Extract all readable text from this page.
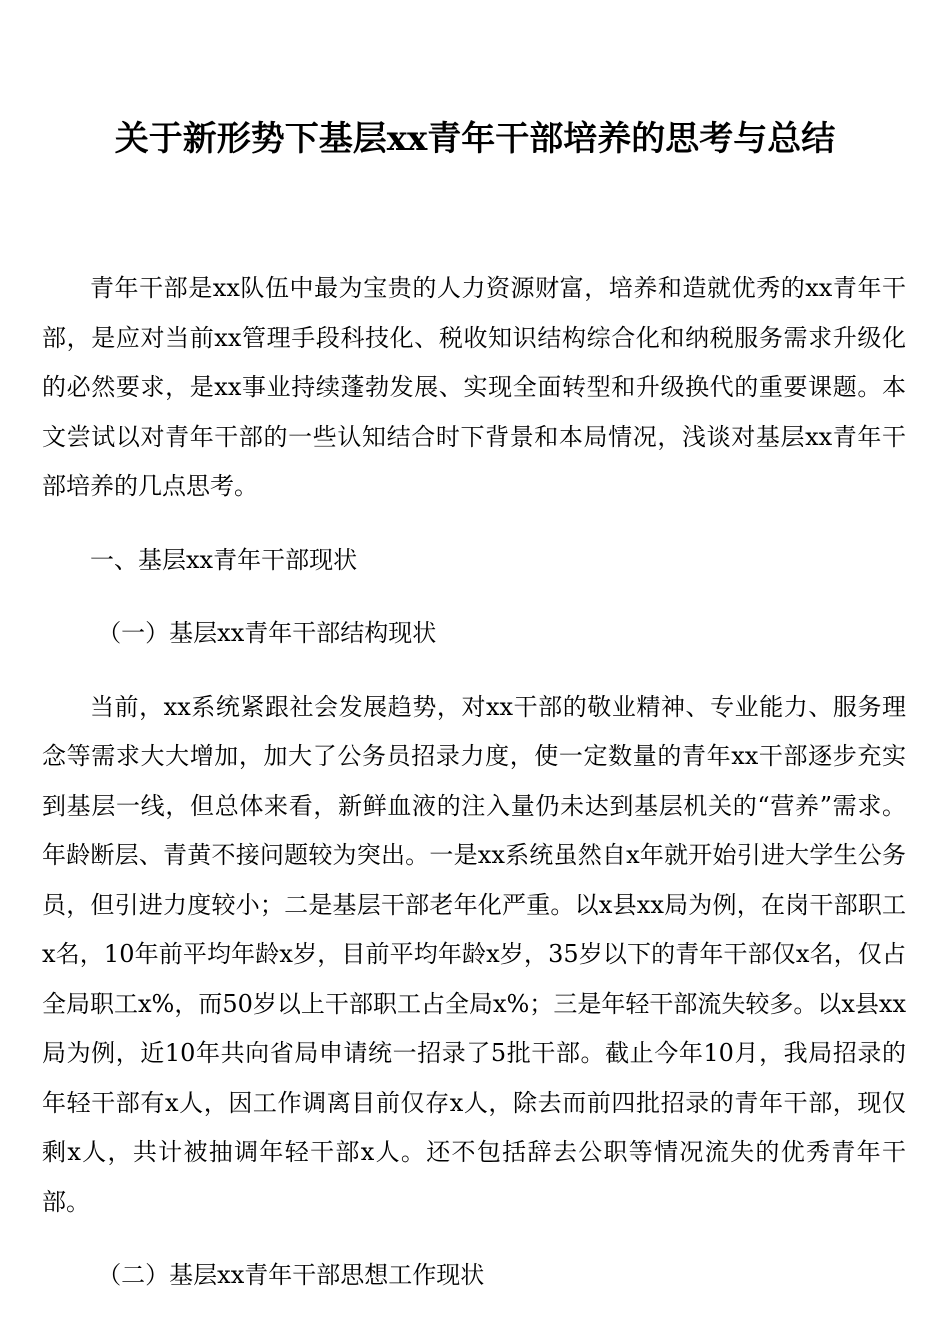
关于新形势下基层xx青年干部培养的思考与总结

青年干部是xx队伍中最为宝贵的人力资源财富，培养和造就优秀的xx青年干部，是应对当前xx管理手段科技化、税收知识结构综合化和纳税服务需求升级化的必然要求，是xx事业持续蓬勃发展、实现全面转型和升级换代的重要课题。本文尝试以对青年干部的一些认知结合时下背景和本局情况，浅谈对基层xx青年干部培养的几点思考。

一、基层xx青年干部现状

（一）基层xx青年干部结构现状

当前，xx系统紧跟社会发展趋势，对xx干部的敬业精神、专业能力、服务理念等需求大大增加，加大了公务员招录力度，使一定数量的青年xx干部逐步充实到基层一线，但总体来看，新鲜血液的注入量仍未达到基层机关的“营养”需求。年龄断层、青黄不接问题较为突出。一是xx系统虽然自x年就开始引进大学生公务员，但引进力度较小；二是基层干部老年化严重。以x县xx局为例，在岗干部职工x名，10年前平均年龄x岁，目前平均年龄x岁，35岁以下的青年干部仅x名，仅占全局职工x%，而50岁以上干部职工占全局x%；三是年轻干部流失较多。以x县xx局为例，近10年共向省局申请统一招录了5批干部。截止今年10月，我局招录的年轻干部有x人，因工作调离目前仅存x人，除去而前四批招录的青年干部，现仅剩x人，共计被抽调年轻干部x人。还不包括辞去公职等情况流失的优秀青年干部。

（二）基层xx青年干部思想工作现状
